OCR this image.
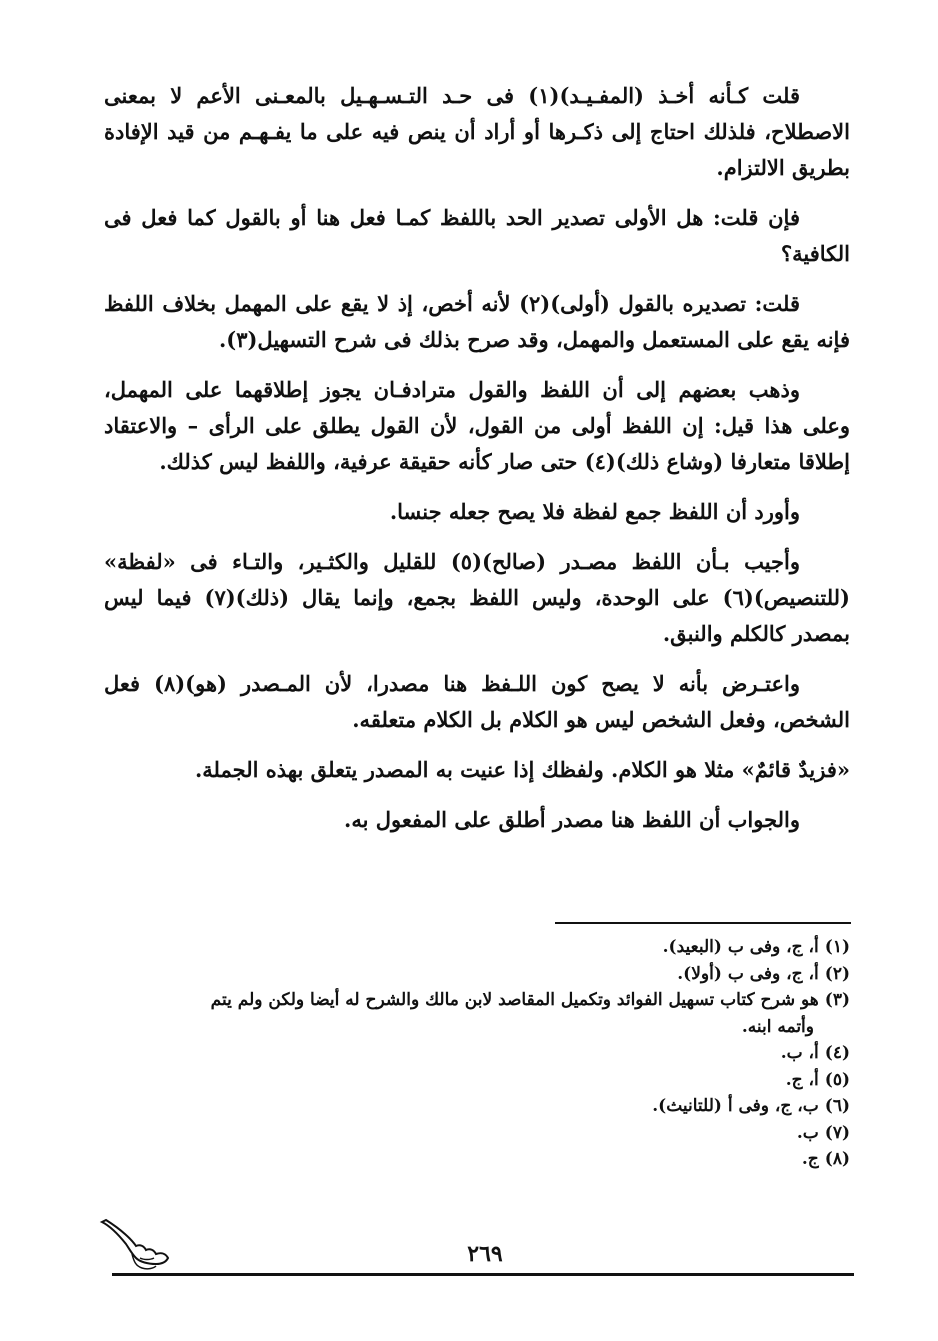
قلت كـأنه أخـذ (المفـيـد)(١) فى حـد التـسـهـيل بالمعـنى الأعم لا بمعنى الاصطلاح، فلذلك احتاج إلى ذكـرها أو أراد أن ينص فيه على ما يفـهـم من قيد الإفادة بطريق الالتزام.

فإن قلت: هل الأولى تصدير الحد باللفظ كمـا فعل هنا أو بالقول كما فعل فى الكافية؟

قلت: تصديره بالقول (أولى)(٢) لأنه أخص، إذ لا يقع على المهمل بخلاف اللفظ فإنه يقع على المستعمل والمهمل، وقد صرح بذلك فى شرح التسهيل(٣).

وذهب بعضهم إلى أن اللفظ والقول مترادفـان يجوز إطلاقهما على المهمل، وعلى هذا قيل: إن اللفظ أولى من القول، لأن القول يطلق على الرأى – والاعتقاد إطلاقا متعارفا (وشاع ذلك)(٤) حتى صار كأنه حقيقة عرفية، واللفظ ليس كذلك.

وأورد أن اللفظ جمع لفظة فلا يصح جعله جنسا.

وأجيب بـأن اللفظ مصـدر (صالح)(٥) للقليل والكثـير، والتـاء فى «لفظة» (للتنصيص)(٦) على الوحدة، وليس اللفظ بجمع، وإنما يقال (ذلك)(٧) فيما ليس بمصدر كالكلم والنبق.

واعتـرض بأنه لا يصح كون اللـفظ هنا مصدرا، لأن المـصدر (هو)(٨) فعل الشخص، وفعل الشخص ليس هو الكلام بل الكلام متعلقه.

«فزيدٌ قائمٌ» مثلا هو الكلام. ولفظك إذا عنيت به المصدر يتعلق بهذه الجملة.

والجواب أن اللفظ هنا مصدر أطلق على المفعول به.

(١)أ، ج، وفى ب (البعيد).

(٢)أ، ج، وفى ب (أولا).

(٣)هو شرح كتاب تسهيل الفوائد وتكميل المقاصد لابن مالك والشرح له أيضا ولكن ولم يتم

وأتمه ابنه.

(٤)أ، ب.

(٥)أ، ج.

(٦)ب، ج، وفى أ (للتانيث).

(٧)ب.

(٨)ج.

٢٦٩
